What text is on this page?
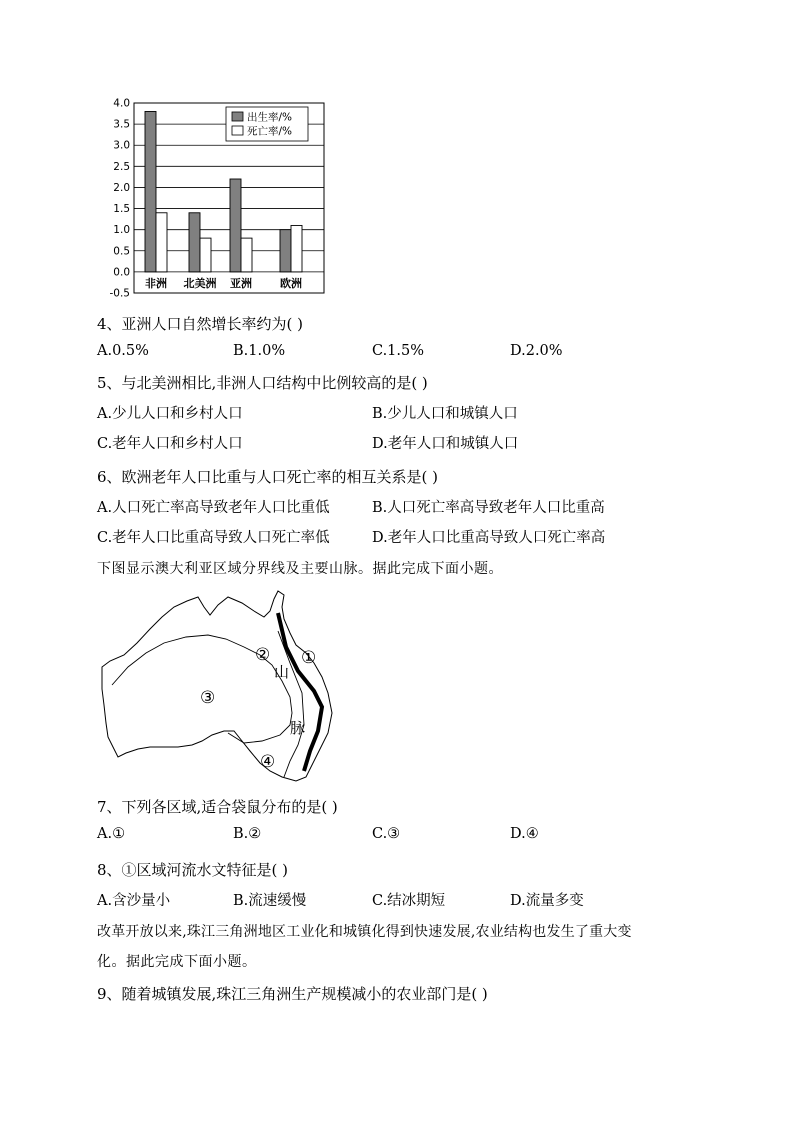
4.0
3.5
3.0
2.5
2.0
1.5
1.0
0.5
0.0
-0.5
非洲 北美洲 亚洲	欧洲
出生率/%
死亡率/%
4、亚洲人口自然增长率约为( )
A.0.5%	B.1.0%	C.1.5%	D.2.0%
5、与北美洲相比,非洲人口结构中比例较高的是( )
A.少儿人口和乡村人口	B.少儿人口和城镇人口
C.老年人口和乡村人口	D.老年人口和城镇人口
6、欧洲老年人口比重与人口死亡率的相互关系是( )
A.人口死亡率高导致老年人口比重低	B.人口死亡率高导致老年人口比重高
C.老年人口比重高导致人口死亡率低	D.老年人口比重高导致人口死亡率高
下图显示澳大利亚区域分界线及主要山脉。据此完成下面小题。
①
②
③
④
山
脉
7、下列各区域,适合袋鼠分布的是( )
A.①	B.②	C.③	D.④
8、①区域河流水文特征是( )
A.含沙量小	B.流速缓慢	C.结冰期短	D.流量多变
改革开放以来,珠江三角洲地区工业化和城镇化得到快速发展,农业结构也发生了重大变
化。据此完成下面小题。
9、随着城镇发展,珠江三角洲生产规模减小的农业部门是( )
